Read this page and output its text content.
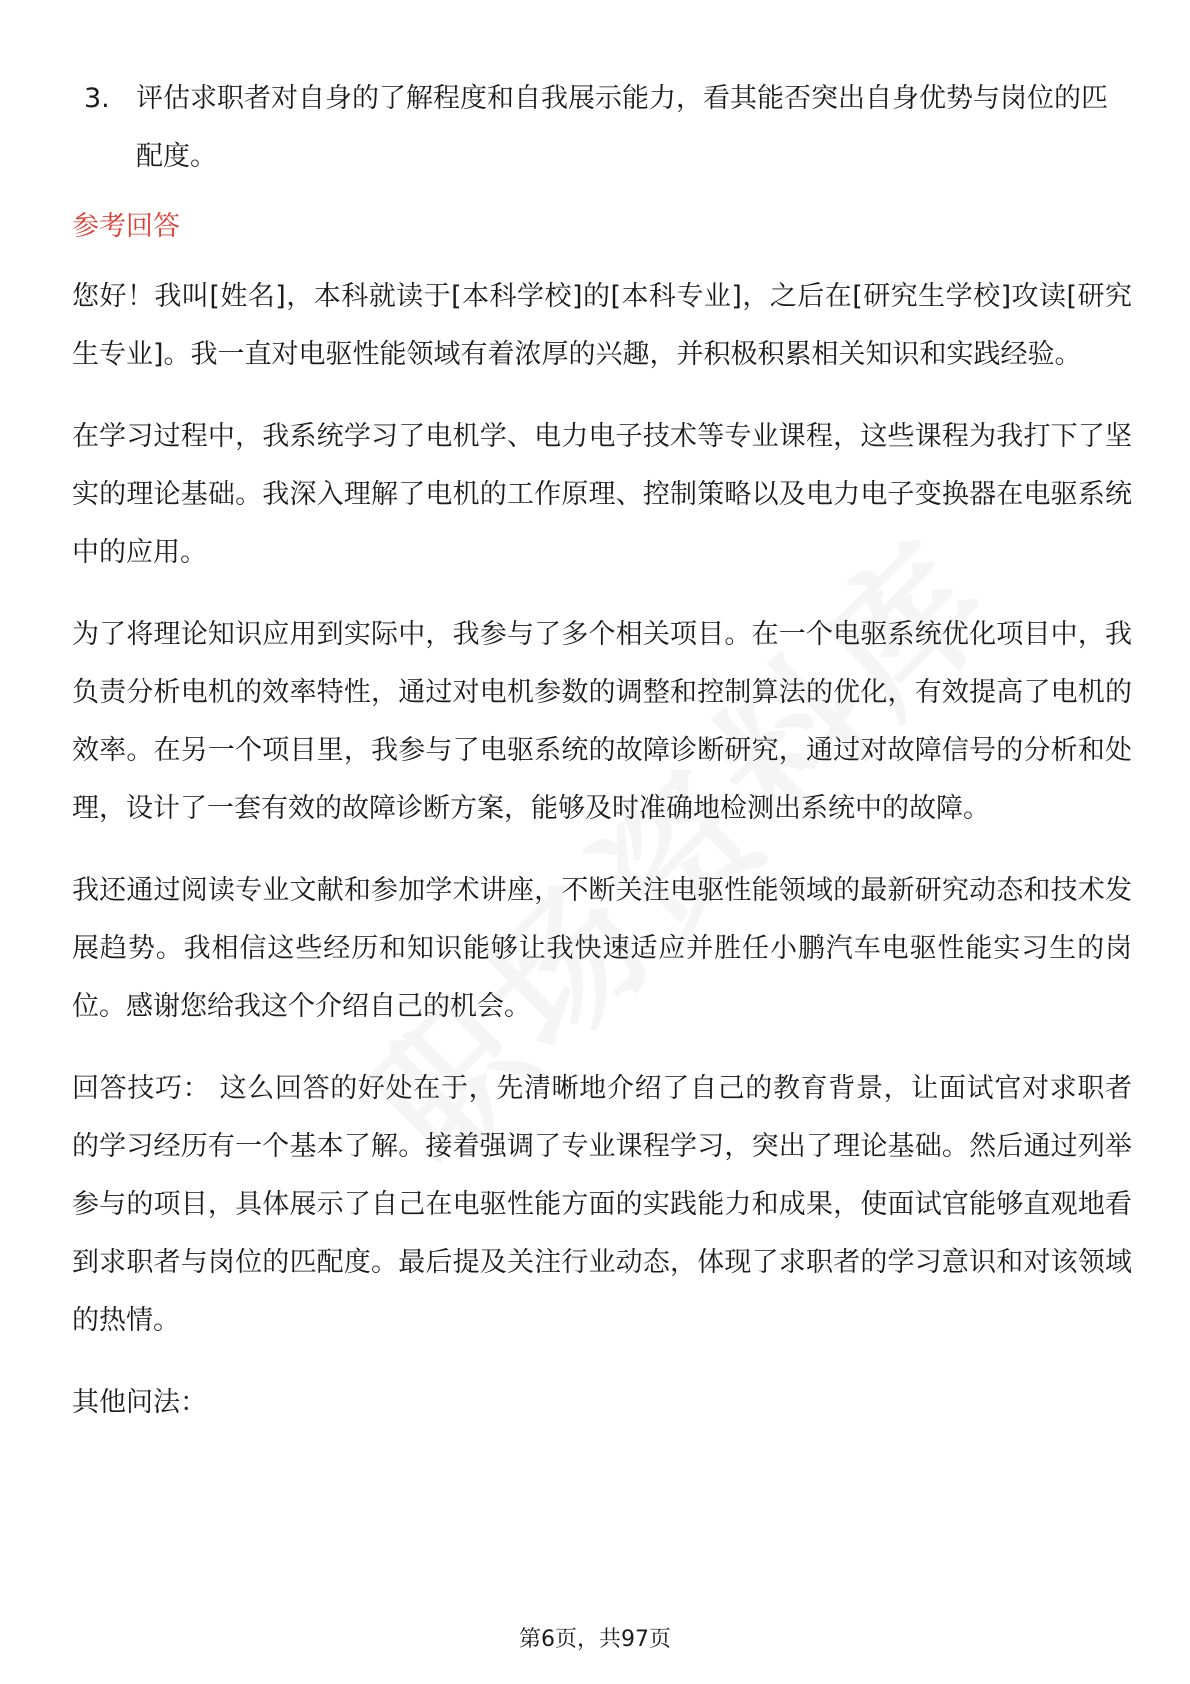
3. 评估求职者对自身的了解程度和自我展示能力，看其能否突出自身优势与岗位的匹配度。
参考回答

您好！我叫[姓名]，本科就读于[本科学校]的[本科专业]，之后在[研究生学校]攻读[研究生专业]。我一直对电驱性能领域有着浓厚的兴趣，并积极积累相关知识和实践经验。

在学习过程中，我系统学习了电机学、电力电子技术等专业课程，这些课程为我打下了坚实的理论基础。我深入理解了电机的工作原理、控制策略以及电力电子变换器在电驱系统中的应用。

为了将理论知识应用到实际中，我参与了多个相关项目。在一个电驱系统优化项目中，我负责分析电机的效率特性，通过对电机参数的调整和控制算法的优化，有效提高了电机的效率。在另一个项目里，我参与了电驱系统的故障诊断研究，通过对故障信号的分析和处理，设计了一套有效的故障诊断方案，能够及时准确地检测出系统中的故障。

我还通过阅读专业文献和参加学术讲座，不断关注电驱性能领域的最新研究动态和技术发展趋势。我相信这些经历和知识能够让我快速适应并胜任小鹏汽车电驱性能实习生的岗位。感谢您给我这个介绍自己的机会。

回答技巧： 这么回答的好处在于，先清晰地介绍了自己的教育背景，让面试官对求职者的学习经历有一个基本了解。接着强调了专业课程学习，突出了理论基础。然后通过列举参与的项目，具体展示了自己在电驱性能方面的实践能力和成果，使面试官能够直观地看到求职者与岗位的匹配度。最后提及关注行业动态，体现了求职者的学习意识和对该领域的热情。

其他问法：

第6页，共97页
